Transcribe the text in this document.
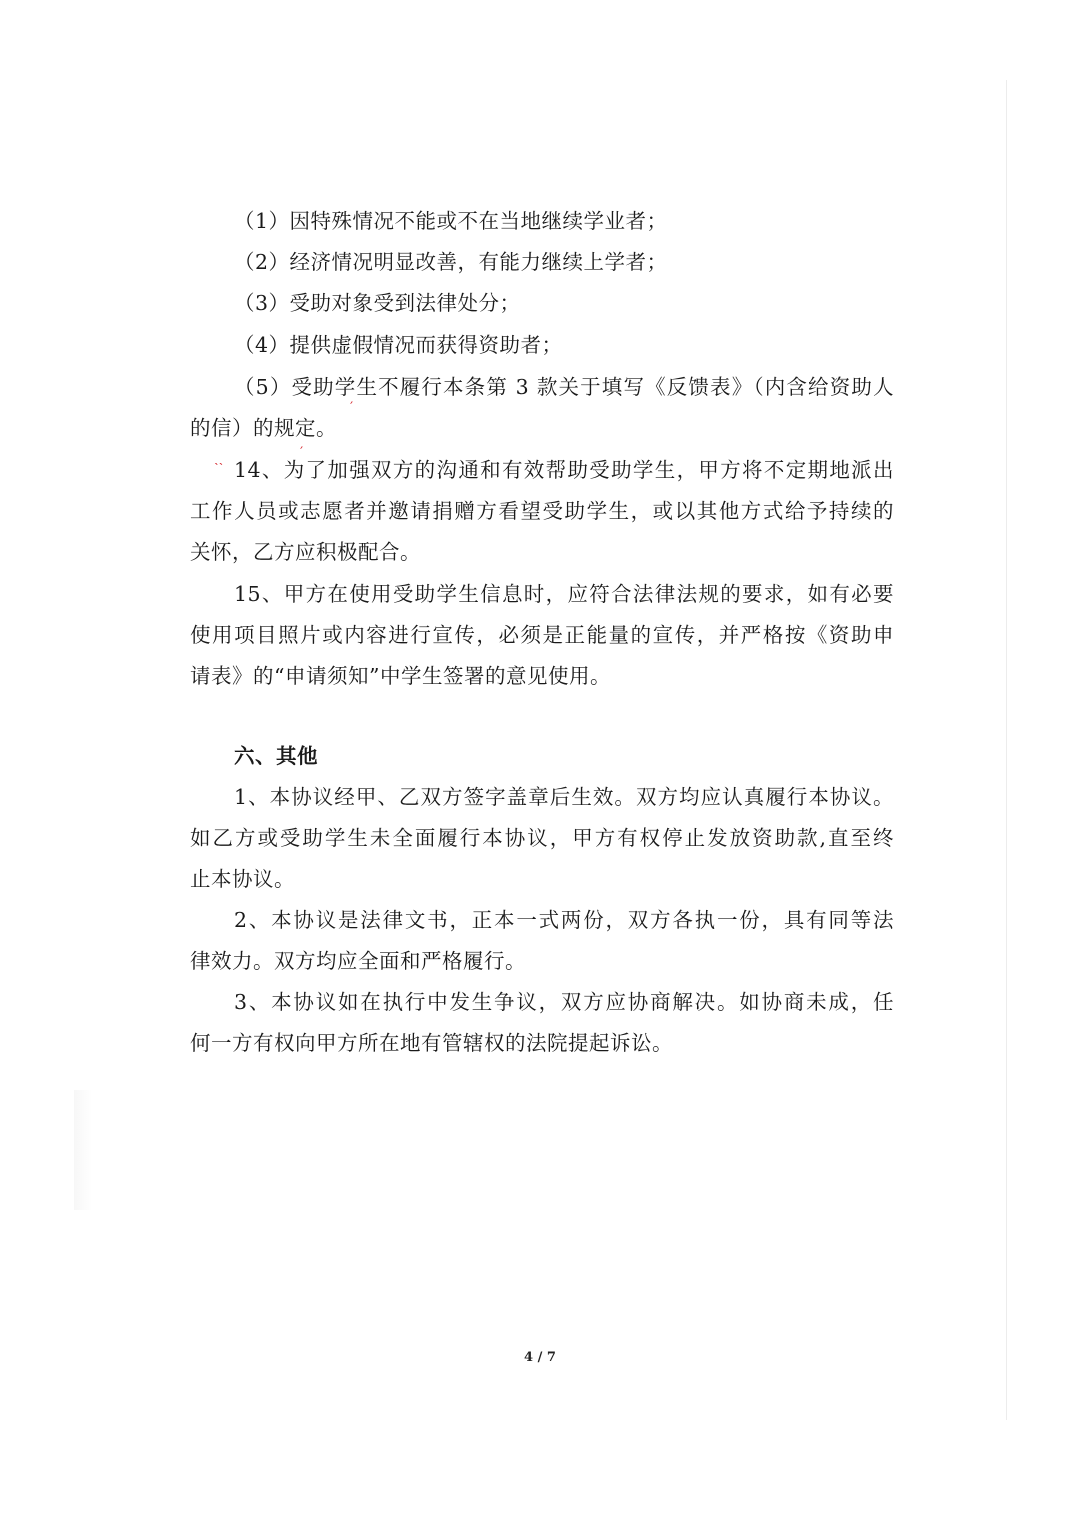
′
˴˴
′
（1）因特殊情况不能或不在当地继续学业者；
（2）经济情况明显改善，有能力继续上学者；
（3）受助对象受到法律处分；
（4）提供虚假情况而获得资助者；
（5）受助学生不履行本条第 3 款关于填写《反馈表》（内含给资助人
的信）的规定。
14、为了加强双方的沟通和有效帮助受助学生，甲方将不定期地派出
工作人员或志愿者并邀请捐赠方看望受助学生，或以其他方式给予持续的
关怀，乙方应积极配合。
15、甲方在使用受助学生信息时，应符合法律法规的要求，如有必要
使用项目照片或内容进行宣传，必须是正能量的宣传，并严格按《资助申
请表》的“申请须知”中学生签署的意见使用。
六、其他
1、本协议经甲、乙双方签字盖章后生效。双方均应认真履行本协议。
如乙方或受助学生未全面履行本协议，甲方有权停止发放资助款,直至终
止本协议。
2、本协议是法律文书，正本一式两份，双方各执一份，具有同等法
律效力。双方均应全面和严格履行。
3、本协议如在执行中发生争议，双方应协商解决。如协商未成，任
何一方有权向甲方所在地有管辖权的法院提起诉讼。
4 / 7
